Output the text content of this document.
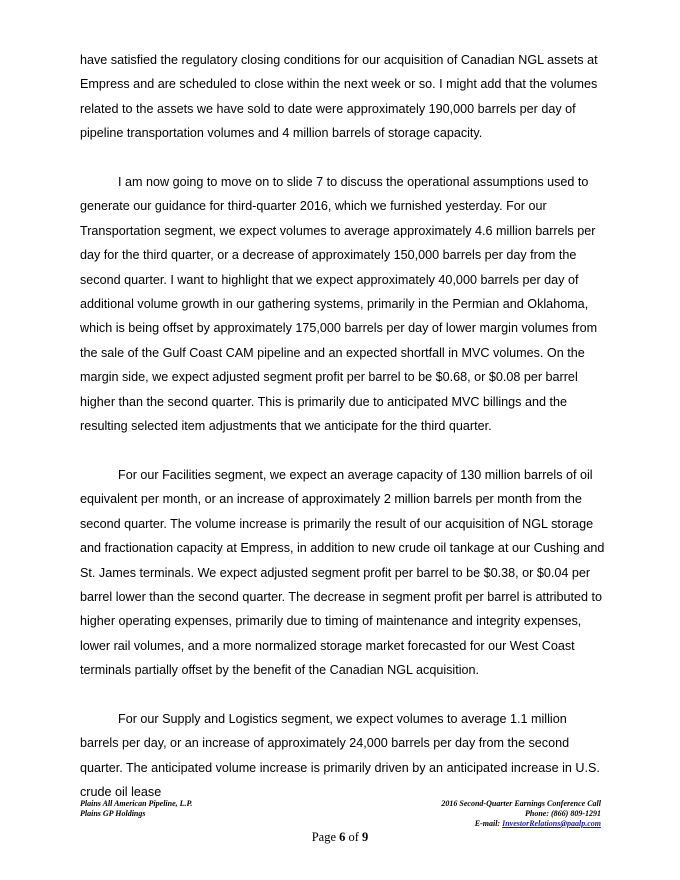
have satisfied the regulatory closing conditions for our acquisition of Canadian NGL assets at Empress and are scheduled to close within the next week or so. I might add that the volumes related to the assets we have sold to date were approximately 190,000 barrels per day of pipeline transportation volumes and 4 million barrels of storage capacity.

I am now going to move on to slide 7 to discuss the operational assumptions used to generate our guidance for third-quarter 2016, which we furnished yesterday. For our Transportation segment, we expect volumes to average approximately 4.6 million barrels per day for the third quarter, or a decrease of approximately 150,000 barrels per day from the second quarter. I want to highlight that we expect approximately 40,000 barrels per day of additional volume growth in our gathering systems, primarily in the Permian and Oklahoma, which is being offset by approximately 175,000 barrels per day of lower margin volumes from the sale of the Gulf Coast CAM pipeline and an expected shortfall in MVC volumes. On the margin side, we expect adjusted segment profit per barrel to be $0.68, or $0.08 per barrel higher than the second quarter. This is primarily due to anticipated MVC billings and the resulting selected item adjustments that we anticipate for the third quarter.

For our Facilities segment, we expect an average capacity of 130 million barrels of oil equivalent per month, or an increase of approximately 2 million barrels per month from the second quarter. The volume increase is primarily the result of our acquisition of NGL storage and fractionation capacity at Empress, in addition to new crude oil tankage at our Cushing and St. James terminals. We expect adjusted segment profit per barrel to be $0.38, or $0.04 per barrel lower than the second quarter. The decrease in segment profit per barrel is attributed to higher operating expenses, primarily due to timing of maintenance and integrity expenses, lower rail volumes, and a more normalized storage market forecasted for our West Coast terminals partially offset by the benefit of the Canadian NGL acquisition.

For our Supply and Logistics segment, we expect volumes to average 1.1 million barrels per day, or an increase of approximately 24,000 barrels per day from the second quarter. The anticipated volume increase is primarily driven by an anticipated increase in U.S. crude oil lease

Plains All American Pipeline, L.P.
Plains GP Holdings
2016 Second-Quarter Earnings Conference Call
Phone: (866) 809-1291
E-mail: InvestorRelations@paalp.com
Page 6 of 9
